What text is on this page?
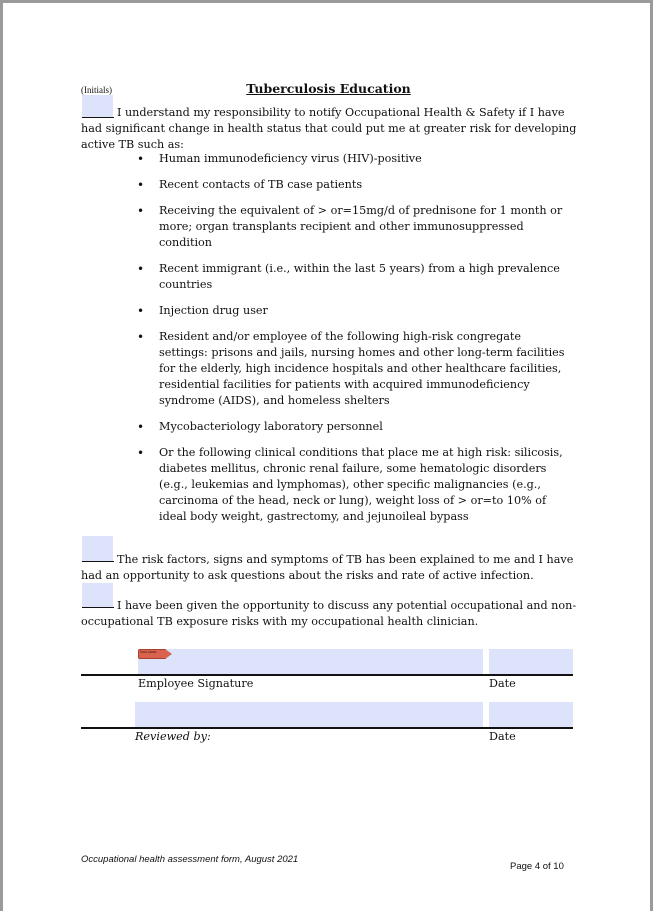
(Initials)	Tuberculosis Education
I understand my responsibility to notify Occupational Health & Safety if I have had significant change in health status that could put me at greater risk for developing active TB such as:
• Human immunodeficiency virus (HIV)-positive
• Recent contacts of TB case patients
• Receiving the equivalent of > or=15mg/d of prednisone for 1 month or more; organ transplants recipient and other immunosuppressed condition
• Recent immigrant (i.e., within the last 5 years) from a high prevalence countries
• Injection drug user
• Resident and/or employee of the following high-risk congregate settings: prisons and jails, nursing homes and other long-term facilities for the elderly, high incidence hospitals and other healthcare facilities, residential facilities for patients with acquired immunodeficiency syndrome (AIDS), and homeless shelters
• Mycobacteriology laboratory personnel
• Or the following clinical conditions that place me at high risk: silicosis, diabetes mellitus, chronic renal failure, some hematologic disorders (e.g., leukemias and lymphomas), other specific malignancies (e.g., carcinoma of the head, neck or lung), weight loss of > or=to 10% of ideal body weight, gastrectomy, and jejunoileal bypass
The risk factors, signs and symptoms of TB has been explained to me and I have had an opportunity to ask questions about the risks and rate of active infection.
I have been given the opportunity to discuss any potential occupational and non-occupational TB exposure risks with my occupational health clinician.
SIGN HERE
Employee Signature	Date
Reviewed by:	Date
Occupational health assessment form, August 2021
Page 4 of 10
